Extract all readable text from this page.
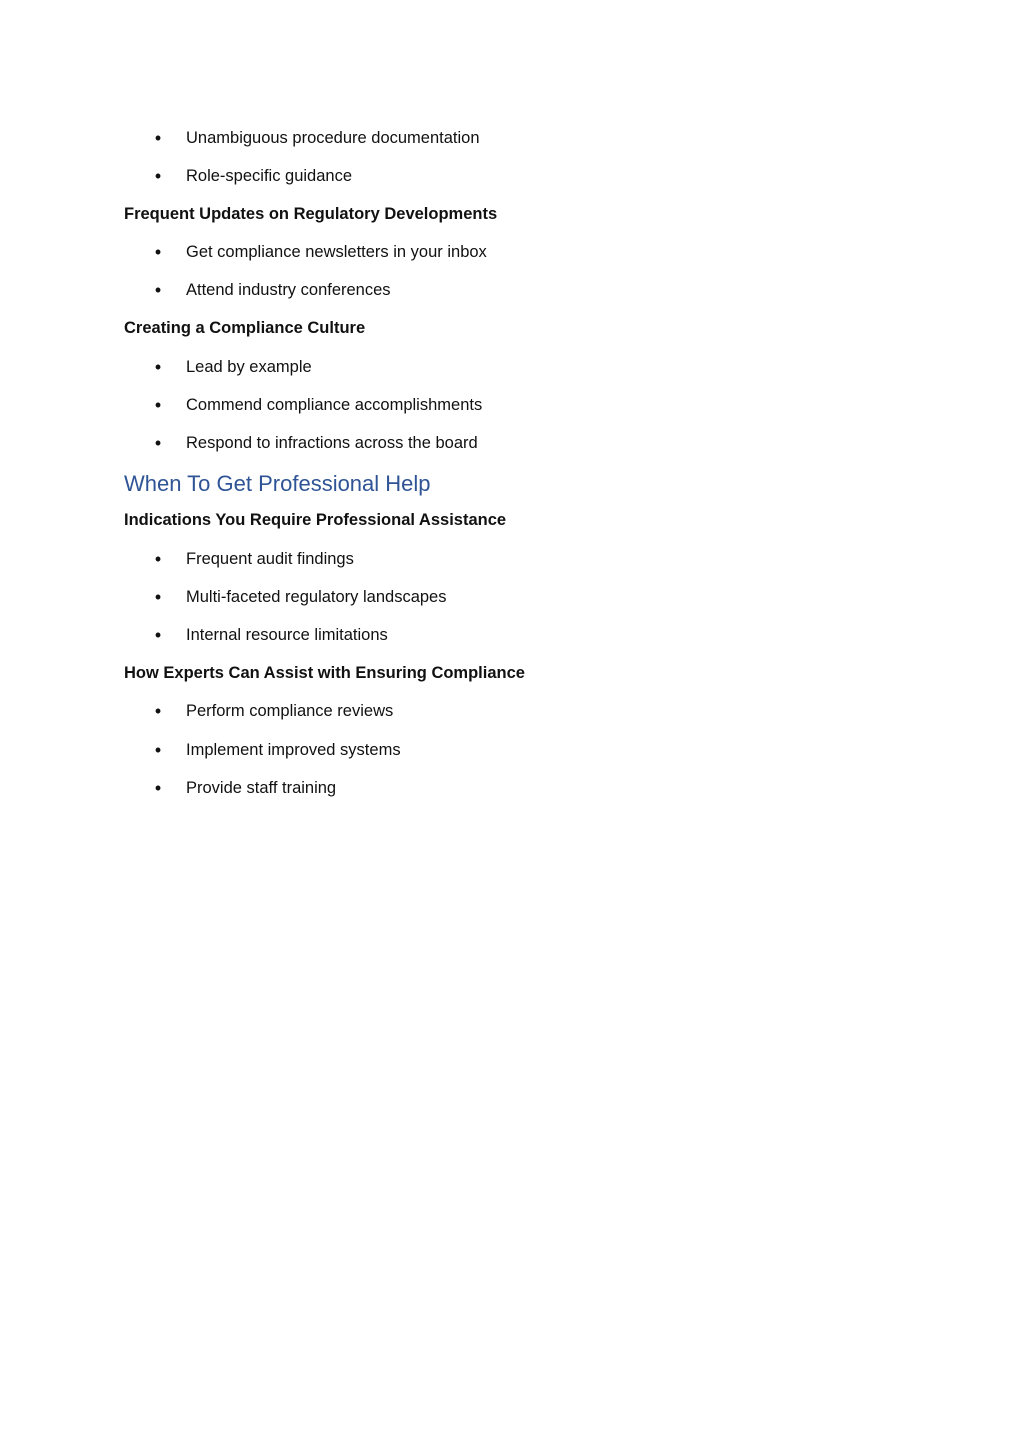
• Unambiguous procedure documentation
• Role-specific guidance
Frequent Updates on Regulatory Developments
• Get compliance newsletters in your inbox
• Attend industry conferences
Creating a Compliance Culture
• Lead by example
• Commend compliance accomplishments
• Respond to infractions across the board
When To Get Professional Help
Indications You Require Professional Assistance
• Frequent audit findings
• Multi-faceted regulatory landscapes
• Internal resource limitations
How Experts Can Assist with Ensuring Compliance
• Perform compliance reviews
• Implement improved systems
• Provide staff training
